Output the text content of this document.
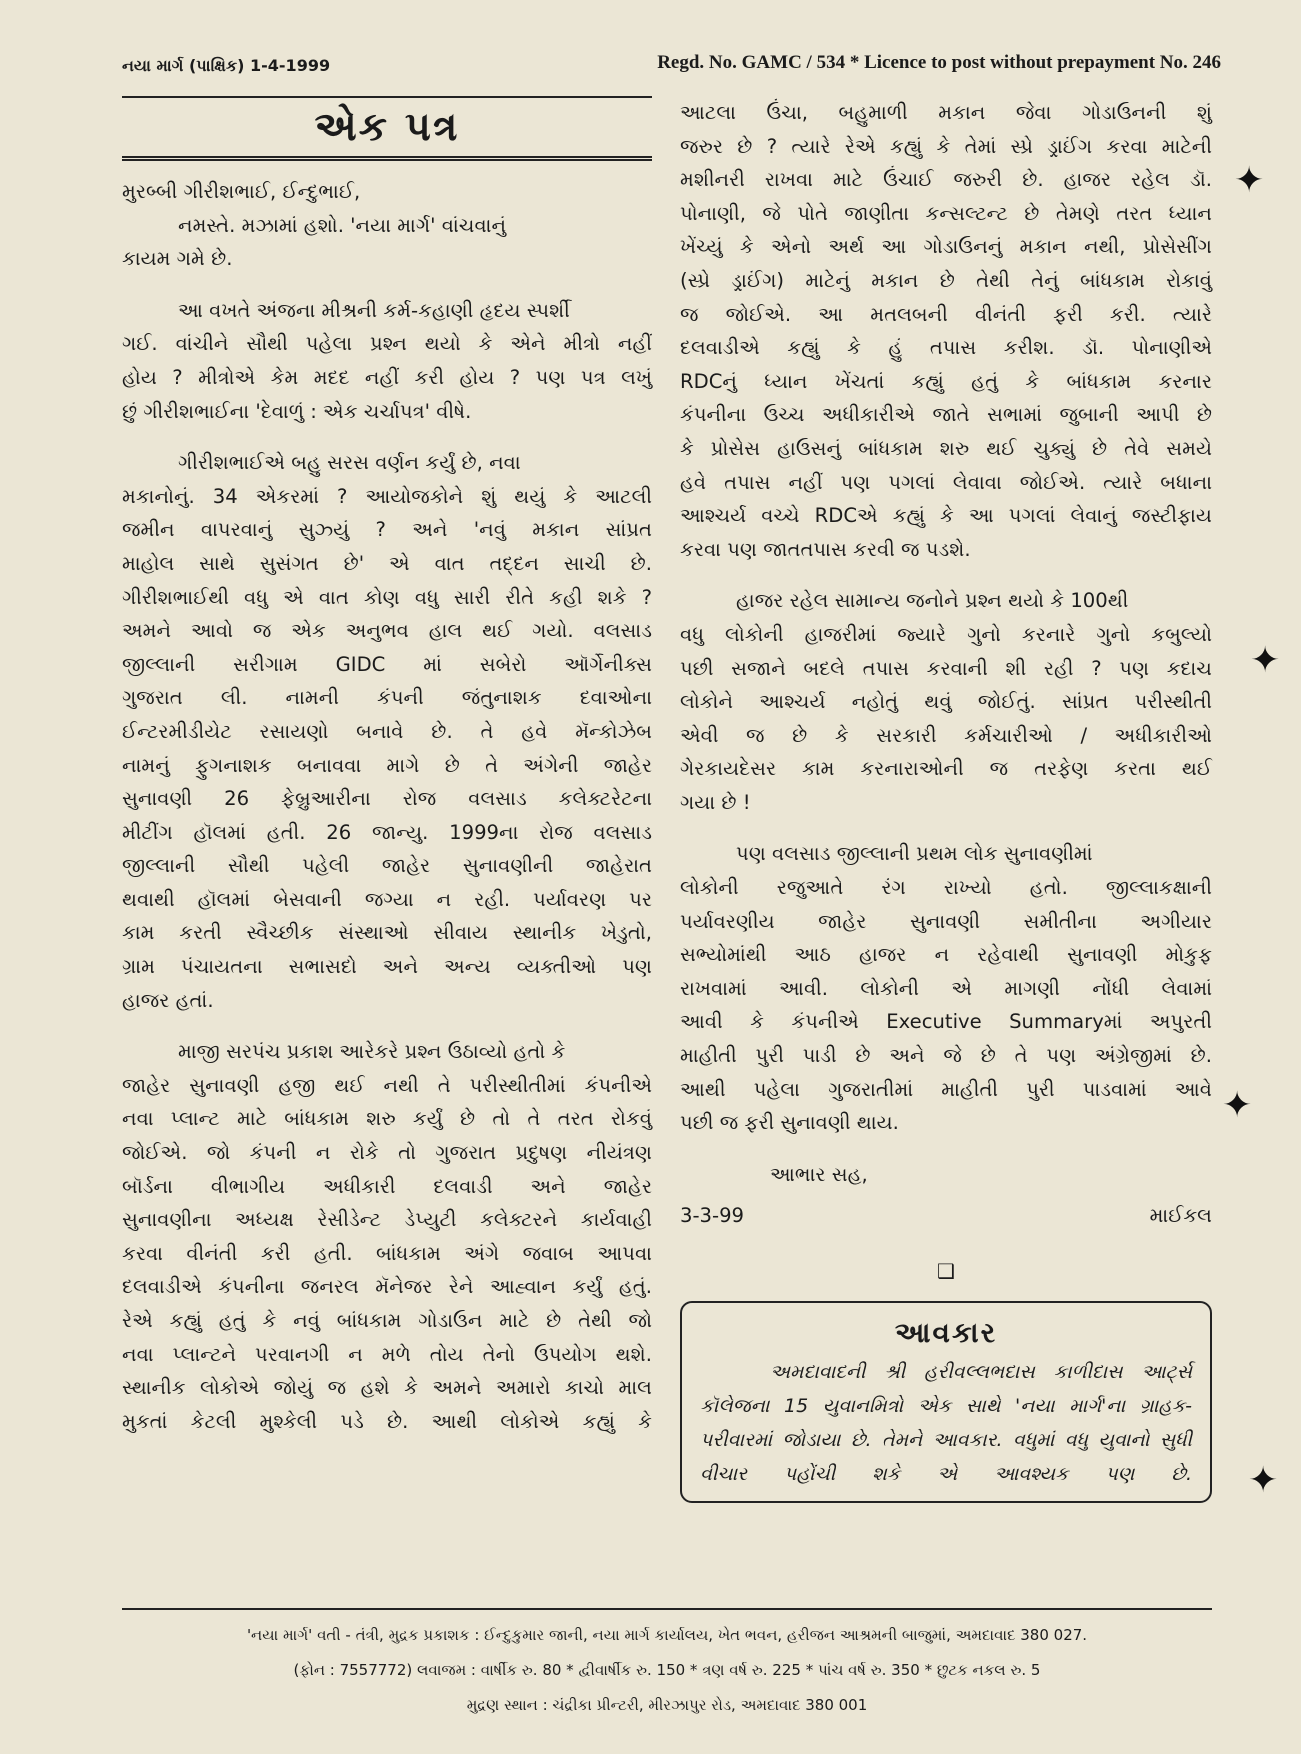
નયા માર્ગ (પાક્ષિક) 1-4-1999	Regd. No. GAMC / 534 * Licence to post without prepayment No. 246
એક પત્ર

મુરબ્બી ગીરીશભાઈ, ઈન્દુભાઈ,

નમસ્તે. મઝામાં હશો. 'નયા માર્ગ' વાંચવાનું

કાયમ ગમે છે.

આ વખતે અંજના મીશ્રની કર્મ-કહાણી હૃદય સ્પર્શી

ગઈ. વાંચીને સૌથી પહેલા પ્રશ્ન થયો કે એને મીત્રો નહીં

હોય ? મીત્રોએ કેમ મદદ નહીં કરી હોય ? પણ પત્ર લખું

છું ગીરીશભાઈના 'દેવાળું : એક ચર્ચાપત્ર' વીષે.

ગીરીશભાઈએ બહુ સરસ વર્ણન કર્યું છે, નવા

મકાનોનું. 34 એકરમાં ? આયોજકોને શું થયું કે આટલી

જમીન વાપરવાનું સુઝ્યું ? અને 'નવું મકાન સાંપ્રત

માહોલ સાથે સુસંગત છે' એ વાત તદ્દન સાચી છે.

ગીરીશભાઈથી વધુ એ વાત કોણ વધુ સારી રીતે કહી શકે ?

અમને આવો જ એક અનુભવ હાલ થઈ ગયો. વલસાડ

જીલ્લાની સરીગામ GIDC માં સબેરો ઑર્ગેનીક્સ

ગુજરાત લી. નામની કંપની જંતુનાશક દવાઓના

ઈન્ટરમીડીયેટ રસાયણો બનાવે છે. તે હવે મૅન્કોઝેબ

નામનું ફુગનાશક બનાવવા માગે છે તે અંગેની જાહેર

સુનાવણી 26 ફેબ્રુઆરીના રોજ વલસાડ કલેક્ટરેટના

મીટીંગ હૉલમાં હતી. 26 જાન્યુ. 1999ના રોજ વલસાડ

જીલ્લાની સૌથી પહેલી જાહેર સુનાવણીની જાહેરાત

થવાથી હૉલમાં બેસવાની જગ્યા ન રહી. પર્યાવરણ પર

કામ કરતી સ્વૈચ્છીક સંસ્થાઓ સીવાય સ્થાનીક ખેડુતો,

ગ્રામ પંચાયતના સભાસદો અને અન્ય વ્યક્તીઓ પણ

હાજર હતાં.

માજી સરપંચ પ્રકાશ આરેકરે પ્રશ્ન ઉઠાવ્યો હતો કે

જાહેર સુનાવણી હજી થઈ નથી તે પરીસ્થીતીમાં કંપનીએ

નવા પ્લાન્ટ માટે બાંધકામ શરુ કર્યું છે તો તે તરત રોકવું

જોઈએ. જો કંપની ન રોકે તો ગુજરાત પ્રદુષણ નીયંત્રણ

બૉર્ડના વીભાગીય અધીકારી દલવાડી અને જાહેર

સુનાવણીના અધ્યક્ષ રેસીડેન્ટ ડેપ્યુટી કલેક્ટરને કાર્યવાહી

કરવા વીનંતી કરી હતી. બાંધકામ અંગે જવાબ આપવા

દલવાડીએ કંપનીના જનરલ મૅનેજર રેને આહ્વાન કર્યું હતું.

રેએ કહ્યું હતું કે નવું બાંધકામ ગોડાઉન માટે છે તેથી જો

નવા પ્લાન્ટને પરવાનગી ન મળે તોય તેનો ઉપયોગ થશે.

સ્થાનીક લોકોએ જોયું જ હશે કે અમને અમારો કાચો માલ

મુકતાં કેટલી મુશ્કેલી પડે છે. આથી લોકોએ કહ્યું કે

આટલા ઉંચા, બહુમાળી મકાન જેવા ગોડાઉનની શું

જરુર છે ? ત્યારે રેએ કહ્યું કે તેમાં સ્પ્રે ડ્રાઈંગ કરવા માટેની

મશીનરી રાખવા માટે ઉંચાઈ જરુરી છે. હાજર રહેલ ડૉ.

પોનાણી, જે પોતે જાણીતા કન્સલ્ટન્ટ છે તેમણે તરત ધ્યાન

ખેંચ્યું કે એનો અર્થ આ ગોડાઉનનું મકાન નથી, પ્રોસેસીંગ

(સ્પ્રે ડ્રાઈંગ) માટેનું મકાન છે તેથી તેનું બાંધકામ રોકાવું

જ જોઈએ. આ મતલબની વીનંતી ફરી કરી. ત્યારે

દલવાડીએ કહ્યું કે હું તપાસ કરીશ. ડૉ. પોનાણીએ

RDCનું ધ્યાન ખેંચતાં કહ્યું હતું કે બાંધકામ કરનાર

કંપનીના ઉચ્ચ અધીકારીએ જાતે સભામાં જુબાની આપી છે

કે પ્રોસેસ હાઉસનું બાંધકામ શરુ થઈ ચુક્યું છે તેવે સમયે

હવે તપાસ નહીં પણ પગલાં લેવાવા જોઈએ. ત્યારે બધાના

આશ્ચર્ય વચ્ચે RDCએ કહ્યું કે આ પગલાં લેવાનું જસ્ટીફાય

કરવા પણ જાતતપાસ કરવી જ પડશે.

હાજર રહેલ સામાન્ય જનોને પ્રશ્ન થયો કે 100થી

વધુ લોકોની હાજરીમાં જ્યારે ગુનો કરનારે ગુનો કબુલ્યો

પછી સજાને બદલે તપાસ કરવાની શી રહી ? પણ કદાચ

લોકોને આશ્ચર્ય નહોતું થવું જોઈતું. સાંપ્રત પરીસ્થીતી

એવી જ છે કે સરકારી કર્મચારીઓ / અધીકારીઓ

ગેરકાયદેસર કામ કરનારાઓની જ તરફેણ કરતા થઈ

ગયા છે !

પણ વલસાડ જીલ્લાની પ્રથમ લોક સુનાવણીમાં

લોકોની રજુઆતે રંગ રાખ્યો હતો. જીલ્લાકક્ષાની

પર્યાવરણીય જાહેર સુનાવણી સમીતીના અગીયાર

સભ્યોમાંથી આઠ હાજર ન રહેવાથી સુનાવણી મોકુફ

રાખવામાં આવી. લોકોની એ માગણી નોંધી લેવામાં

આવી કે કંપનીએ Executive Summaryમાં અપુરતી

માહીતી પુરી પાડી છે અને જે છે તે પણ અંગ્રેજીમાં છે.

આથી પહેલા ગુજરાતીમાં માહીતી પુરી પાડવામાં આવે

પછી જ ફરી સુનાવણી થાય.

આભાર સહ,

3-3-99	માઈકલ
❑
આવકાર
અમદાવાદની શ્રી હરીવલ્લભદાસ કાળીદાસ આર્ટ્સ કૉલેજના 15 યુવાનમિત્રો એક સાથે 'નયા માર્ગ'ના ગ્રાહક-પરીવારમાં જોડાયા છે. તેમને આવકાર. વધુમાં વધુ યુવાનો સુધી વીચાર પહોંચી શકે એ આવશ્યક પણ છે.
'નયા માર્ગ' વતી - તંત્રી, મુદ્રક પ્રકાશક : ઈન્દુકુમાર જાની, નયા માર્ગ કાર્યાલય, ખેત ભવન, હરીજન આશ્રમની બાજુમાં, અમદાવાદ 380 027.
(ફોન : 7557772) લવાજમ : વાર્ષીક રુ. 80 * દ્વીવાર્ષીક રુ. 150 * ત્રણ વર્ષ રુ. 225 * પાંચ વર્ષ રુ. 350 * છુટક નકલ રુ. 5
મુદ્રણ સ્થાન : ચંદ્રીકા પ્રીન્ટરી, મીરઝાપુર રોડ, અમદાવાદ 380 001
✦
✦
✦
✦
